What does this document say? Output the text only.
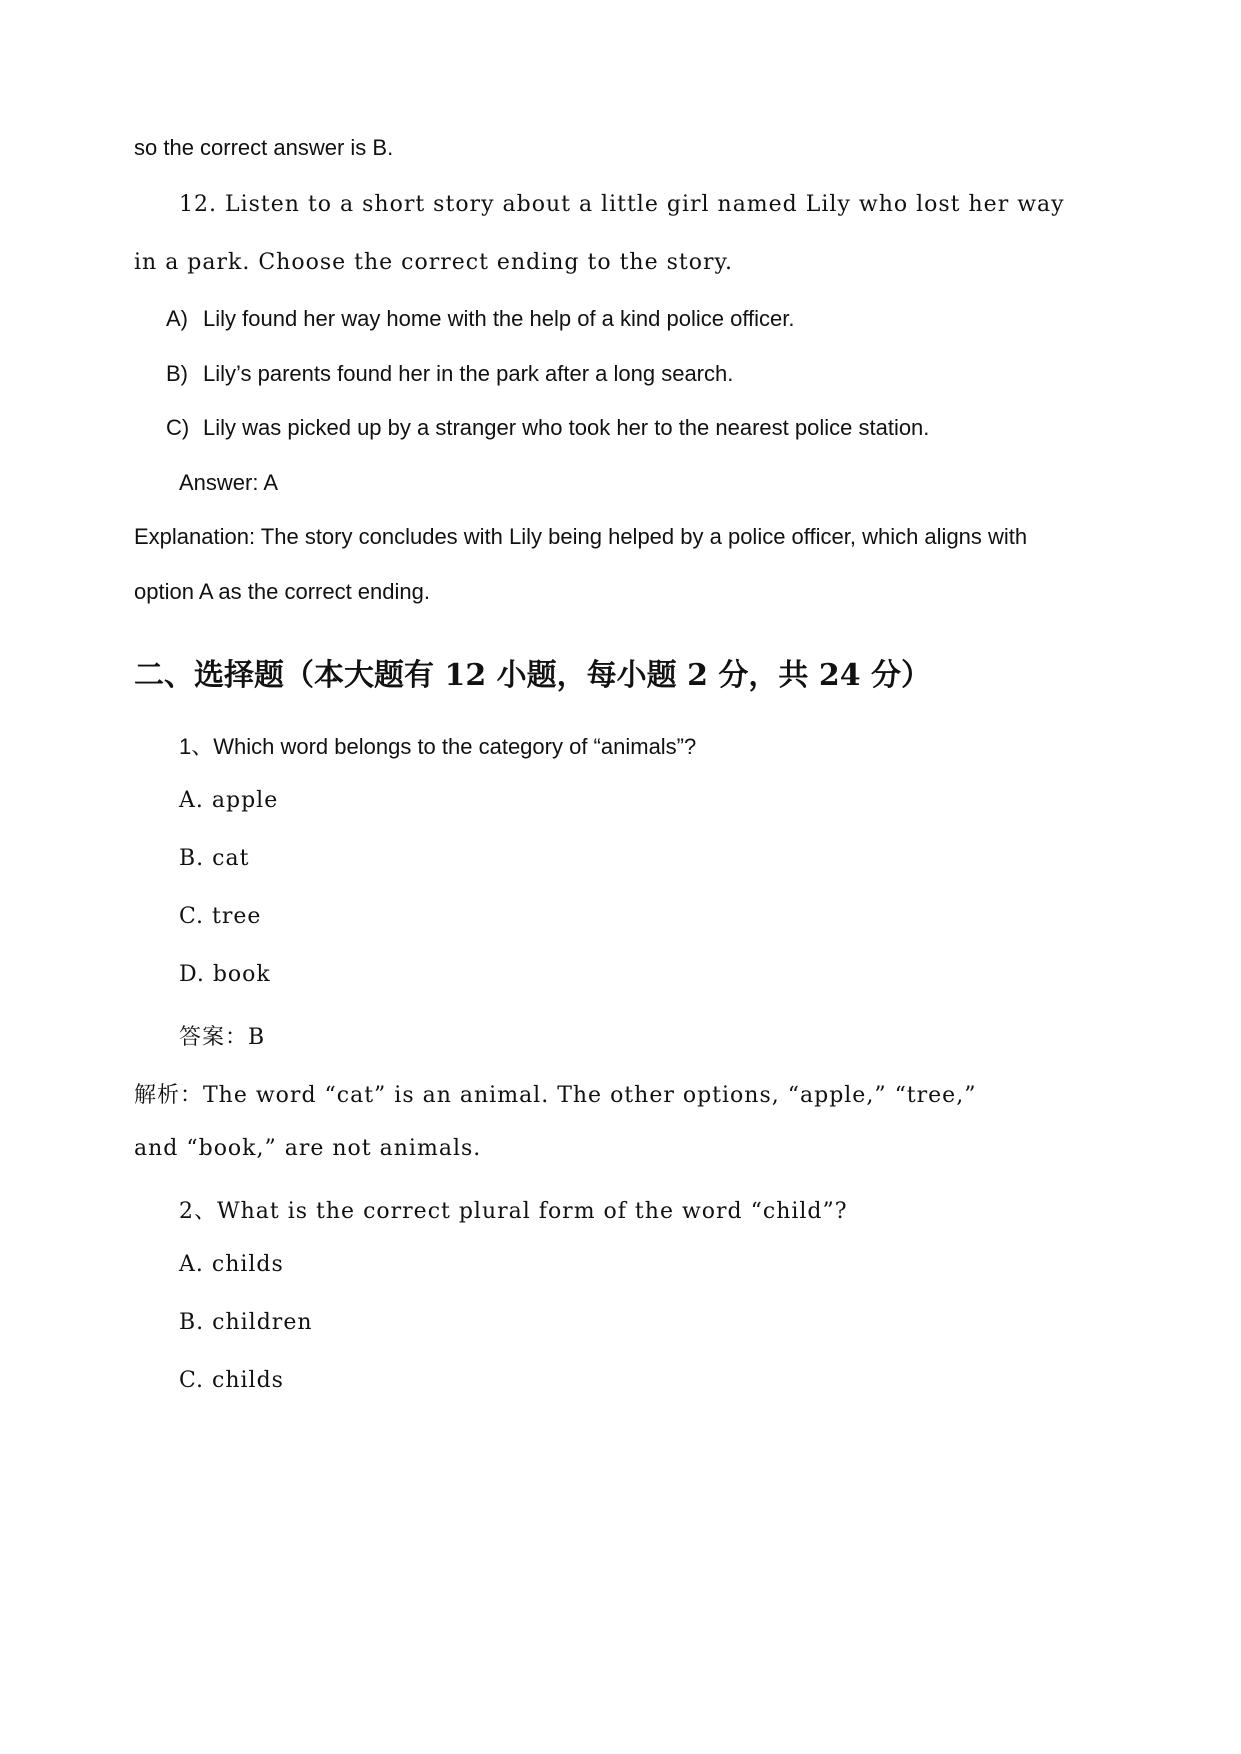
so the correct answer is B.
12. Listen to a short story about a little girl named Lily who lost her way
in a park. Choose the correct ending to the story.
A) Lily found her way home with the help of a kind police officer.
B) Lily’s parents found her in the park after a long search.
C) Lily was picked up by a stranger who took her to the nearest police station.
Answer: A
Explanation: The story concludes with Lily being helped by a police officer, which aligns with
option A as the correct ending.
二、选择题（本大题有 12 小题，每小题 2 分，共 24 分）
1、Which word belongs to the category of “animals”?
A. apple
B. cat
C. tree
D. book
答案：B
解析：The word “cat” is an animal. The other options, “apple,” “tree,”
and “book,” are not animals.
2、What is the correct plural form of the word “child”?
A. childs
B. children
C. childs
